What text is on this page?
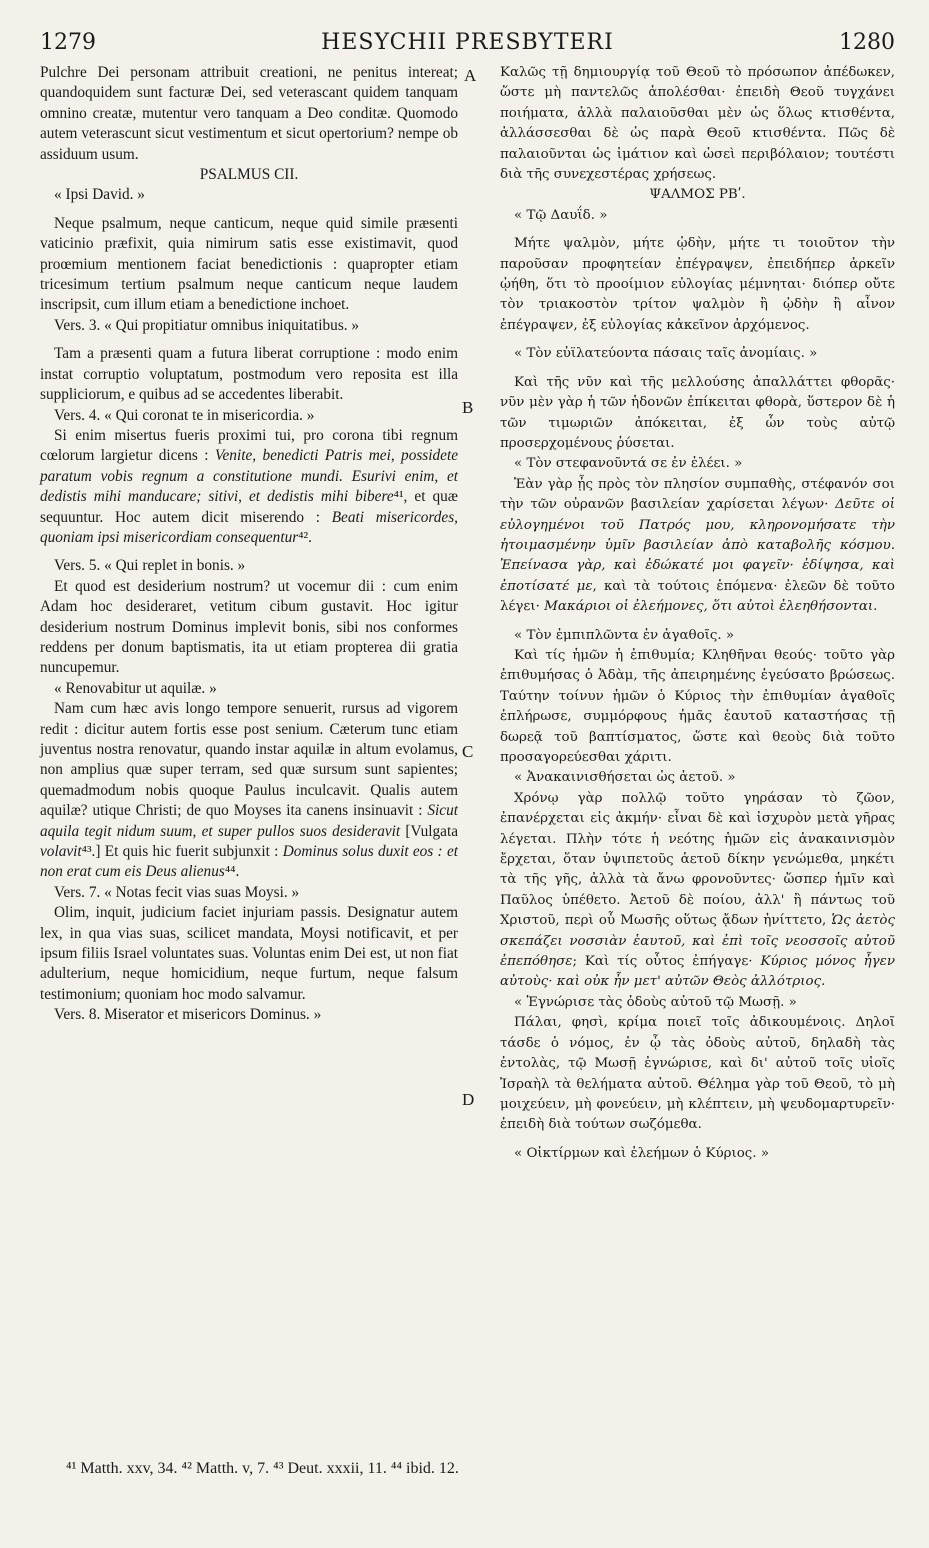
1279	HESYCHII PRESBYTERI	1280
A
B
C
D

Pulchre Dei personam attribuit creationi, ne penitus intereat; quandoquidem sunt facturæ Dei, sed veterascant quidem tanquam omnino creatæ, mutentur vero tanquam a Deo conditæ. Quomodo autem veterascunt sicut vestimentum et sicut opertorium? nempe ob assiduum usum.

PSALMUS CII.

« Ipsi David. »

Neque psalmum, neque canticum, neque quid simile præsenti vaticinio præfixit, quia nimirum satis esse existimavit, quod proœmium mentionem faciat benedictionis : quapropter etiam tricesimum tertium psalmum neque canticum neque laudem inscripsit, cum illum etiam a benedictione inchoet.

Vers. 3. « Qui propitiatur omnibus iniquitatibus. »

Tam a præsenti quam a futura liberat corruptione : modo enim instat corruptio voluptatum, postmodum vero reposita est illa suppliciorum, e quibus ad se accedentes liberabit.

Vers. 4. « Qui coronat te in misericordia. »

Si enim misertus fueris proximi tui, pro corona tibi regnum cœlorum largietur dicens : Venite, benedicti Patris mei, possidete paratum vobis regnum a constitutione mundi. Esurivi enim, et dedistis mihi manducare; sitivi, et dedistis mihi bibere⁴¹, et quæ sequuntur. Hoc autem dicit miserendo : Beati misericordes, quoniam ipsi misericordiam consequentur⁴².

Vers. 5. « Qui replet in bonis. »

Et quod est desiderium nostrum? ut vocemur dii : cum enim Adam hoc desideraret, vetitum cibum gustavit. Hoc igitur desiderium nostrum Dominus implevit bonis, sibi nos conformes reddens per donum baptismatis, ita ut etiam propterea dii gratia nuncupemur.

« Renovabitur ut aquilæ. »

Nam cum hæc avis longo tempore senuerit, rursus ad vigorem redit : dicitur autem fortis esse post senium. Cæterum tunc etiam juventus nostra renovatur, quando instar aquilæ in altum evolamus, non amplius quæ super terram, sed quæ sursum sunt sapientes; quemadmodum nobis quoque Paulus inculcavit. Qualis autem aquilæ? utique Christi; de quo Moyses ita canens insinuavit : Sicut aquila tegit nidum suum, et super pullos suos desideravit [Vulgata volavit⁴³.] Et quis hic fuerit subjunxit : Dominus solus duxit eos : et non erat cum eis Deus alienus⁴⁴.

Vers. 7. « Notas fecit vias suas Moysi. »

Olim, inquit, judicium faciet injuriam passis. Designatur autem lex, in qua vias suas, scilicet mandata, Moysi notificavit, et per ipsum filiis Israel voluntates suas. Voluntas enim Dei est, ut non fiat adulterium, neque homicidium, neque furtum, neque falsum testimonium; quoniam hoc modo salvamur.

Vers. 8. Miserator et misericors Dominus. »

Καλῶς τῇ δημιουργίᾳ τοῦ Θεοῦ τὸ πρόσωπον ἀπέδωκεν, ὥστε μὴ παντελῶς ἀπολέσθαι· ἐπειδὴ Θεοῦ τυγχάνει ποιήματα, ἀλλὰ παλαιοῦσθαι μὲν ὡς ὅλως κτισθέντα, ἀλλάσσεσθαι δὲ ὡς παρὰ Θεοῦ κτισθέντα. Πῶς δὲ παλαιοῦνται ὡς ἱμάτιον καὶ ὡσεὶ περιβόλαιον; τουτέστι διὰ τῆς συνεχεστέρας χρήσεως.

ΨΑΛΜΟΣ ΡΒʹ.

« Τῷ Δαυΐδ. »

Μήτε ψαλμὸν, μήτε ᾠδὴν, μήτε τι τοιοῦτον τὴν παροῦσαν προφητείαν ἐπέγραψεν, ἐπειδήπερ ἀρκεῖν ᾠήθη, ὅτι τὸ προοίμιον εὐλογίας μέμνηται· διόπερ οὔτε τὸν τριακοστὸν τρίτον ψαλμὸν ἢ ᾠδὴν ἢ αἶνον ἐπέγραψεν, ἐξ εὐλογίας κἀκεῖνον ἀρχόμενος.

« Τὸν εὐϊλατεύοντα πάσαις ταῖς ἀνομίαις. »

Καὶ τῆς νῦν καὶ τῆς μελλούσης ἀπαλλάττει φθορᾶς· νῦν μὲν γὰρ ἡ τῶν ἡδονῶν ἐπίκειται φθορὰ, ὕστερον δὲ ἡ τῶν τιμωριῶν ἀπόκειται, ἐξ ὧν τοὺς αὐτῷ προσερχομένους ῥύσεται.

« Τὸν στεφανοῦντά σε ἐν ἐλέει. »

Ἐὰν γὰρ ᾖς πρὸς τὸν πλησίον συμπαθὴς, στέφανόν σοι τὴν τῶν οὐρανῶν βασιλείαν χαρίσεται λέγων· Δεῦτε οἱ εὐλογημένοι τοῦ Πατρός μου, κληρονομήσατε τὴν ἡτοιμασμένην ὑμῖν βασιλείαν ἀπὸ καταβολῆς κόσμου. Ἐπείνασα γὰρ, καὶ ἐδώκατέ μοι φαγεῖν· ἐδίψησα, καὶ ἐποτίσατέ με, καὶ τὰ τούτοις ἑπόμενα· ἐλεῶν δὲ τοῦτο λέγει· Μακάριοι οἱ ἐλεήμονες, ὅτι αὐτοὶ ἐλεηθήσονται.

« Τὸν ἐμπιπλῶντα ἐν ἀγαθοῖς. »

Καὶ τίς ἡμῶν ἡ ἐπιθυμία; Κληθῆναι θεούς· τοῦτο γὰρ ἐπιθυμήσας ὁ Ἀδὰμ, τῆς ἀπειρημένης ἐγεύσατο βρώσεως. Ταύτην τοίνυν ἡμῶν ὁ Κύριος τὴν ἐπιθυμίαν ἀγαθοῖς ἐπλήρωσε, συμμόρφους ἡμᾶς ἑαυτοῦ καταστήσας τῇ δωρεᾷ τοῦ βαπτίσματος, ὥστε καὶ θεοὺς διὰ τοῦτο προσαγορεύεσθαι χάριτι.

« Ἀνακαινισθήσεται ὡς ἀετοῦ. »

Χρόνῳ γὰρ πολλῷ τοῦτο γηράσαν τὸ ζῶον, ἐπανέρχεται εἰς ἀκμήν· εἶναι δὲ καὶ ἰσχυρὸν μετὰ γῆρας λέγεται. Πλὴν τότε ἡ νεότης ἡμῶν εἰς ἀνακαινισμὸν ἔρχεται, ὅταν ὑψιπετοῦς ἀετοῦ δίκην γενώμεθα, μηκέτι τὰ τῆς γῆς, ἀλλὰ τὰ ἄνω φρονοῦντες· ὥσπερ ἡμῖν καὶ Παῦλος ὑπέθετο. Ἀετοῦ δὲ ποίου, ἀλλ' ἢ πάντως τοῦ Χριστοῦ, περὶ οὗ Μωσῆς οὕτως ᾄδων ἠνίττετο, Ὡς ἀετὸς σκεπάζει νοσσιὰν ἑαυτοῦ, καὶ ἐπὶ τοῖς νεοσσοῖς αὐτοῦ ἐπεπόθησε; Καὶ τίς οὗτος ἐπήγαγε· Κύριος μόνος ἦγεν αὐτοὺς· καὶ οὐκ ἦν μετ' αὐτῶν Θεὸς ἀλλότριος.

« Ἐγνώρισε τὰς ὁδοὺς αὐτοῦ τῷ Μωσῇ. »

Πάλαι, φησὶ, κρίμα ποιεῖ τοῖς ἀδικουμένοις. Δηλοῖ τάσδε ὁ νόμος, ἐν ᾧ τὰς ὁδοὺς αὐτοῦ, δηλαδὴ τὰς ἐντολὰς, τῷ Μωσῇ ἐγνώρισε, καὶ δι' αὐτοῦ τοῖς υἱοῖς Ἰσραὴλ τὰ θελήματα αὐτοῦ. Θέλημα γὰρ τοῦ Θεοῦ, τὸ μὴ μοιχεύειν, μὴ φονεύειν, μὴ κλέπτειν, μὴ ψευδομαρτυρεῖν· ἐπειδὴ διὰ τούτων σωζόμεθα.

« Οἰκτίρμων καὶ ἐλεήμων ὁ Κύριος. »

⁴¹ Matth. xxv, 34. ⁴² Matth. v, 7. ⁴³ Deut. xxxii, 11. ⁴⁴ ibid. 12.
